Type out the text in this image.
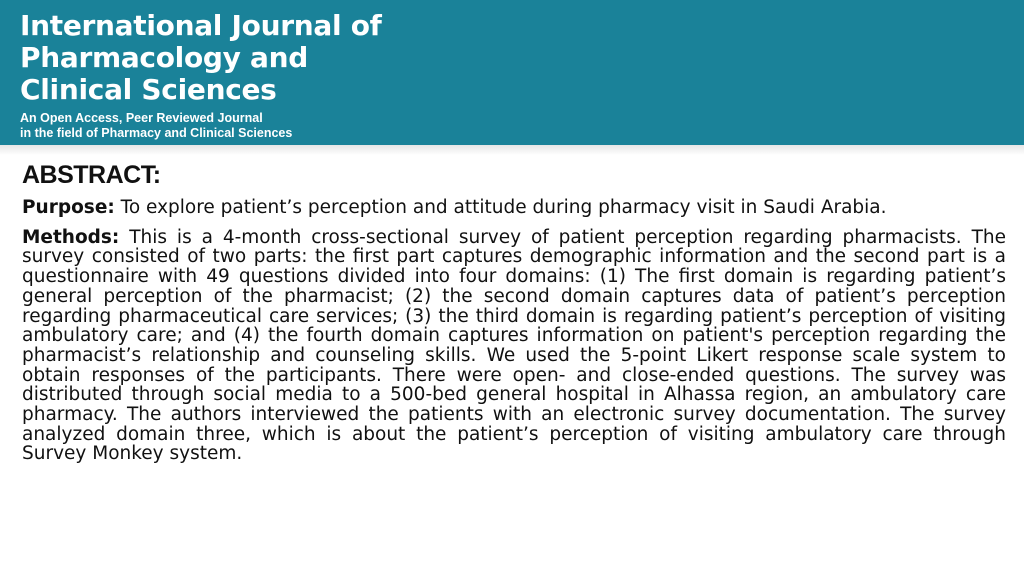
International Journal of
Pharmacology and
Clinical Sciences
An Open Access, Peer Reviewed Journal
in the field of Pharmacy and Clinical Sciences
ABSTRACT:

Purpose: To explore patient’s perception and attitude during pharmacy visit in Saudi Arabia.

Methods: This is a 4-month cross-sectional survey of patient perception regarding pharmacists. The survey consisted of two parts: the first part captures demographic information and the second part is a questionnaire with 49 questions divided into four domains: (1) The first domain is regarding patient’s general perception of the pharmacist; (2) the second domain captures data of patient’s perception regarding pharmaceutical care services; (3) the third domain is regarding patient’s perception of visiting ambulatory care; and (4) the fourth domain captures information on patient's perception regarding the pharmacist’s relationship and counseling skills. We used the 5-point Likert response scale system to obtain responses of the participants. There were open- and close-ended questions. The survey was distributed through social media to a 500-bed general hospital in Alhassa region, an ambulatory care pharmacy. The authors interviewed the patients with an electronic survey documentation. The survey analyzed domain three, which is about the patient’s perception of visiting ambulatory care through Survey Monkey system.
